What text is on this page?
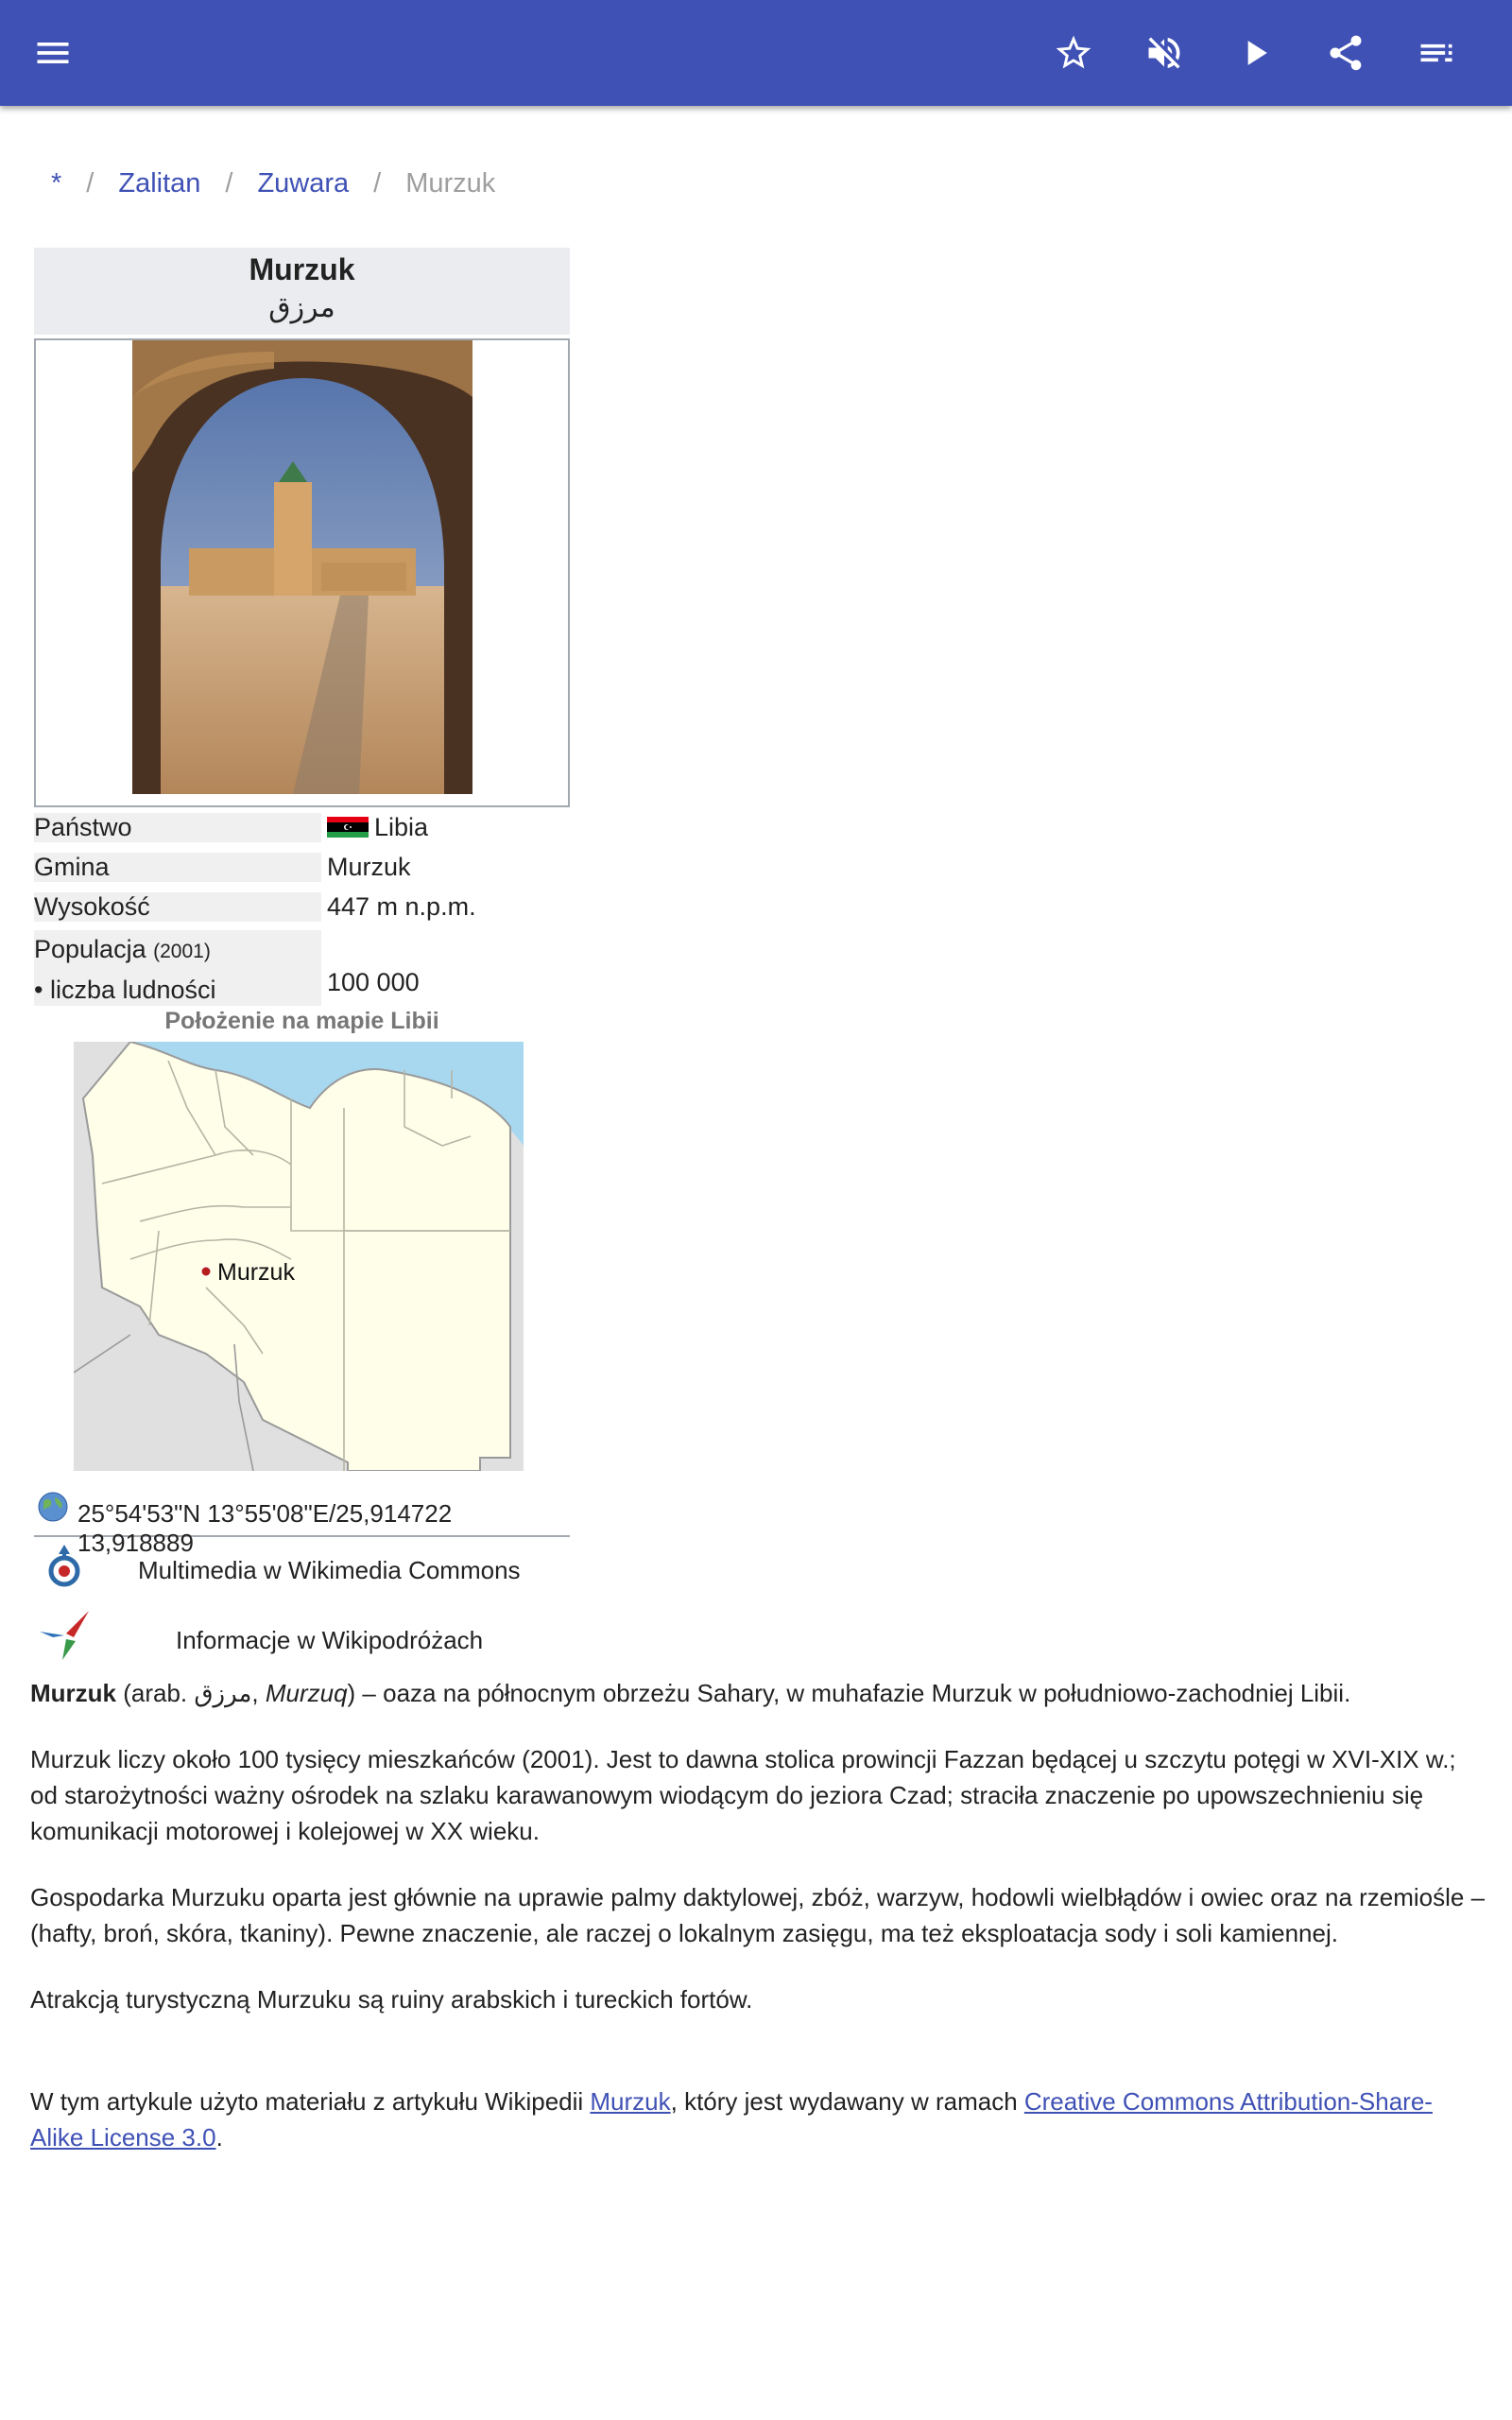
* / Zalitan / Zuwara / Murzuk
Murzuk
مرزق
Państwo	Libia
Gmina	Murzuk
Wysokość	447 m n.p.m.
Populacja (2001)
• liczba ludności	100 000
Położenie na mapie Libii
Murzuk
25°54'53"N 13°55'08"E/25,914722 13,918889
Multimedia w Wikimedia Commons
Informacje w Wikipodróżach

Murzuk (arab. مرزق, Murzuq) – oaza na północnym obrzeżu Sahary, w muhafazie Murzuk w południowo-zachodniej Libii.

Murzuk liczy około 100 tysięcy mieszkańców (2001). Jest to dawna stolica prowincji Fazzan będącej u szczytu potęgi w XVI-XIX w.; od starożytności ważny ośrodek na szlaku karawanowym wiodącym do jeziora Czad; straciła znaczenie po upowszechnieniu się komunikacji motorowej i kolejowej w XX wieku.

Gospodarka Murzuku oparta jest głównie na uprawie palmy daktylowej, zbóż, warzyw, hodowli wielbłądów i owiec oraz na rzemiośle – (hafty, broń, skóra, tkaniny). Pewne znaczenie, ale raczej o lokalnym zasięgu, ma też eksploatacja sody i soli kamiennej.

Atrakcją turystyczną Murzuku są ruiny arabskich i tureckich fortów.

W tym artykule użyto materiału z artykułu Wikipedii Murzuk, który jest wydawany w ramach Creative Commons Attribution-Share-Alike License 3.0.
